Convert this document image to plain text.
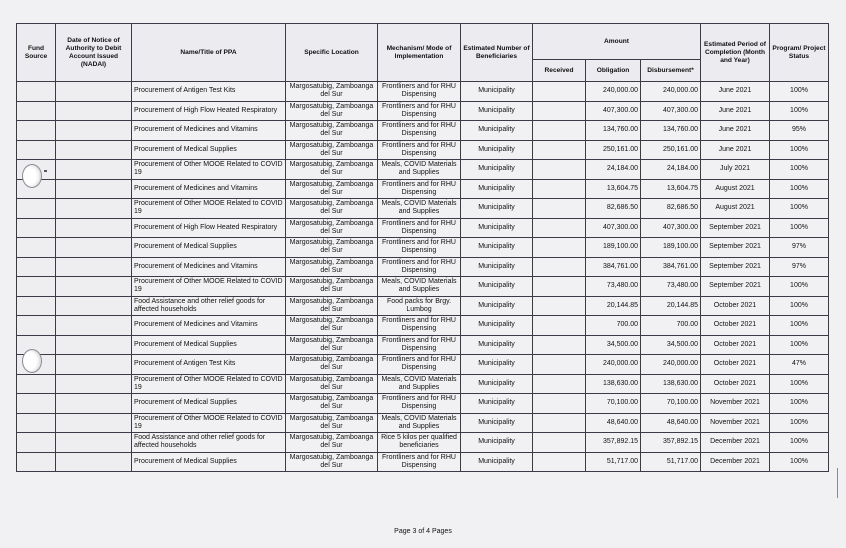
Fund Source	Date of Notice of Authority to Debit Account Issued (NADAI)	Name/Title of PPA	Specific Location	Mechanism/ Mode of Implementation	Estimated Number of Beneficiaries	Amount			Estimated Period of Completion (Month and Year)	Program/ Project Status
						Received	Obligation	Disbursement*		
		Procurement of Antigen Test Kits	Margosatubig, Zamboanga del Sur	Frontliners and for RHU Dispensing	Municipality		240,000.00	240,000.00	June 2021	100%
		Procurement of High Flow Heated Respiratory	Margosatubig, Zamboanga del Sur	Frontliners and for RHU Dispensing	Municipality		407,300.00	407,300.00	June 2021	100%
		Procurement of Medicines and Vitamins	Margosatubig, Zamboanga del Sur	Frontliners and for RHU Dispensing	Municipality		134,760.00	134,760.00	June 2021	95%
		Procurement of Medical Supplies	Margosatubig, Zamboanga del Sur	Frontliners and for RHU Dispensing	Municipality		250,161.00	250,161.00	June 2021	100%
		Procurement of Other MOOE Related to COVID 19	Margosatubig, Zamboanga del Sur	Meals, COVID Materials and Supplies	Municipality		24,184.00	24,184.00	July 2021	100%
		Procurement of Medicines and Vitamins	Margosatubig, Zamboanga del Sur	Frontliners and for RHU Dispensing	Municipality		13,604.75	13,604.75	August 2021	100%
		Procurement of Other MOOE Related to COVID 19	Margosatubig, Zamboanga del Sur	Meals, COVID Materials and Supplies	Municipality		82,686.50	82,686.50	August 2021	100%
		Procurement of High Flow Heated Respiratory	Margosatubig, Zamboanga del Sur	Frontliners and for RHU Dispensing	Municipality		407,300.00	407,300.00	September 2021	100%
		Procurement of Medical Supplies	Margosatubig, Zamboanga del Sur	Frontliners and for RHU Dispensing	Municipality		189,100.00	189,100.00	September 2021	97%
		Procurement of Medicines and Vitamins	Margosatubig, Zamboanga del Sur	Frontliners and for RHU Dispensing	Municipality		384,761.00	384,761.00	September 2021	97%
		Procurement of Other MOOE Related to COVID 19	Margosatubig, Zamboanga del Sur	Meals, COVID Materials and Supplies	Municipality		73,480.00	73,480.00	September 2021	100%
		Food Assistance and other relief goods for affected households	Margosatubig, Zamboanga del Sur	Food packs for Brgy. Lumbog	Municipality		20,144.85	20,144.85	October 2021	100%
		Procurement of Medicines and Vitamins	Margosatubig, Zamboanga del Sur	Frontliners and for RHU Dispensing	Municipality		700.00	700.00	October 2021	100%
		Procurement of Medical Supplies	Margosatubig, Zamboanga del Sur	Frontliners and for RHU Dispensing	Municipality		34,500.00	34,500.00	October 2021	100%
		Procurement of Antigen Test Kits	Margosatubig, Zamboanga del Sur	Frontliners and for RHU Dispensing	Municipality		240,000.00	240,000.00	October 2021	47%
		Procurement of Other MOOE Related to COVID 19	Margosatubig, Zamboanga del Sur	Meals, COVID Materials and Supplies	Municipality		138,630.00	138,630.00	October 2021	100%
		Procurement of Medical Supplies	Margosatubig, Zamboanga del Sur	Frontliners and for RHU Dispensing	Municipality		70,100.00	70,100.00	November 2021	100%
		Procurement of Other MOOE Related to COVID 19	Margosatubig, Zamboanga del Sur	Meals, COVID Materials and Supplies	Municipality		48,640.00	48,640.00	November 2021	100%
		Food Assistance and other relief goods for affected households	Margosatubig, Zamboanga del Sur	Rice 5 kilos per qualified beneficiaries	Municipality		357,892.15	357,892.15	December 2021	100%
		Procurement of Medical Supplies	Margosatubig, Zamboanga del Sur	Frontliners and for RHU Dispensing	Municipality		51,717.00	51,717.00	December 2021	100%
Page 3 of 4 Pages
